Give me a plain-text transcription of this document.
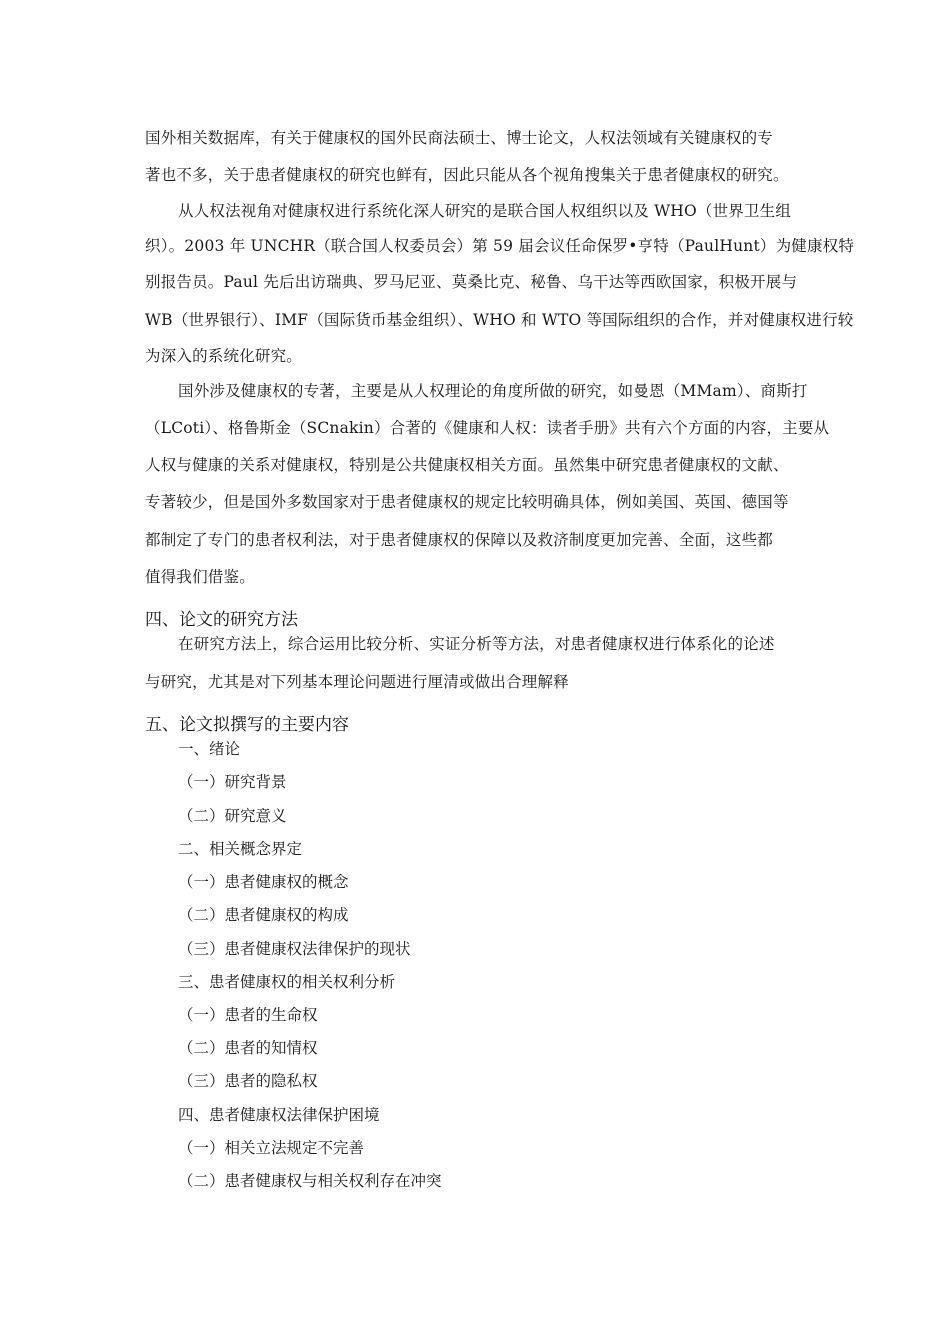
国外相关数据库，有关于健康权的国外民商法硕士、博士论文，人权法领域有关键康权的专
著也不多，关于患者健康权的研究也鲜有，因此只能从各个视角搜集关于患者健康权的研究。
从人权法视角对健康权进行系统化深人研究的是联合国人权组织以及 WHO（世界卫生组
织）。2003 年 UNCHR（联合国人权委员会）第 59 届会议任命保罗•亨特（PaulHunt）为健康权特
别报告员。Paul 先后出访瑞典、罗马尼亚、莫桑比克、秘鲁、乌干达等西欧国家，积极开展与
WB（世界银行）、IMF（国际货币基金组织）、WHO 和 WTO 等国际组织的合作，并对健康权进行较
为深入的系统化研究。
国外涉及健康权的专著，主要是从人权理论的角度所做的研究，如曼恩（MMam）、商斯打
（LCoti）、格鲁斯金（SCnakin）合著的《健康和人权：读者手册》共有六个方面的内容，主要从
人权与健康的关系对健康权，特别是公共健康权相关方面。虽然集中研究患者健康权的文献、
专著较少，但是国外多数国家对于患者健康权的规定比较明确具体，例如美国、英国、德国等
都制定了专门的患者权利法，对于患者健康权的保障以及救济制度更加完善、全面，这些都
值得我们借鉴。
四、论文的研究方法
在研究方法上，综合运用比较分析、实证分析等方法，对患者健康权进行体系化的论述
与研究，尤其是对下列基本理论问题进行厘清或做出合理解释
五、论文拟撰写的主要内容
一、绪论
（一）研究背景
（二）研究意义
二、相关概念界定
（一）患者健康权的概念
（二）患者健康权的构成
（三）患者健康权法律保护的现状
三、患者健康权的相关权利分析
（一）患者的生命权
（二）患者的知情权
（三）患者的隐私权
四、患者健康权法律保护困境
（一）相关立法规定不完善
（二）患者健康权与相关权利存在冲突
